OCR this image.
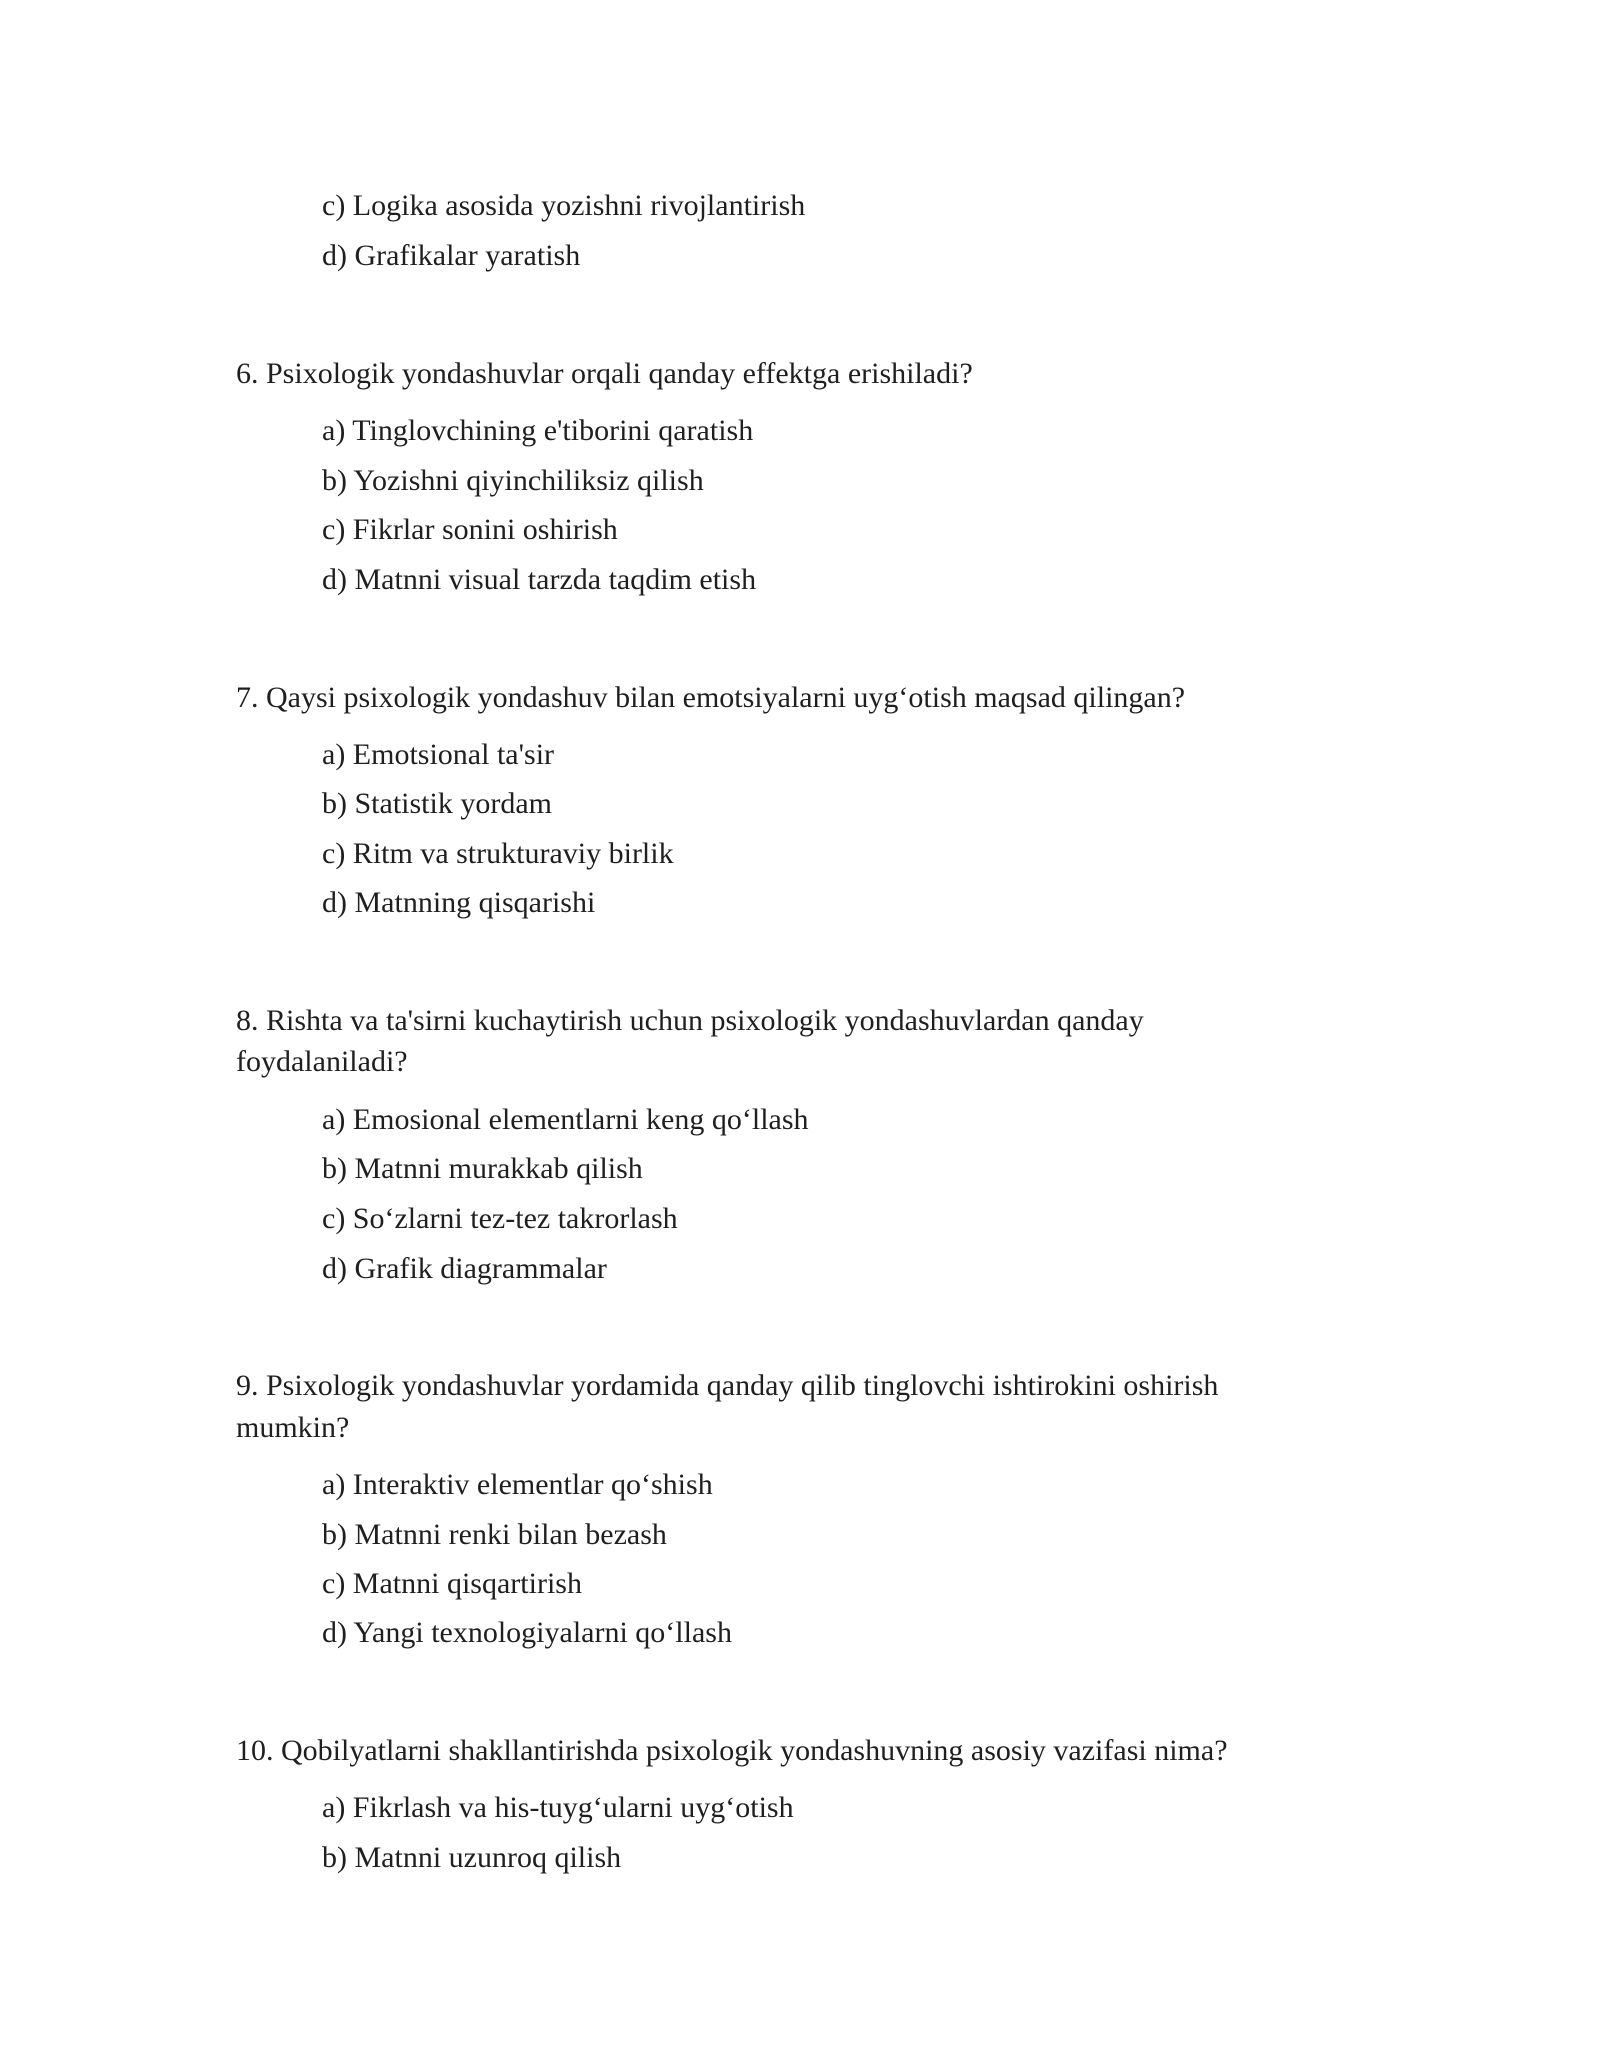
c) Logika asosida yozishni rivojlantirish
d) Grafikalar yaratish
6. Psixologik yondashuvlar orqali qanday effektga erishiladi?
a) Tinglovchining e'tiborini qaratish
b) Yozishni qiyinchiliksiz qilish
c) Fikrlar sonini oshirish
d) Matnni visual tarzda taqdim etish
7. Qaysi psixologik yondashuv bilan emotsiyalarni uyg‘otish maqsad qilingan?
a) Emotsional ta'sir
b) Statistik yordam
c) Ritm va strukturaviy birlik
d) Matnning qisqarishi
8. Rishta va ta'sirni kuchaytirish uchun psixologik yondashuvlardan qanday
foydalaniladi?
a) Emosional elementlarni keng qo‘llash
b) Matnni murakkab qilish
c) So‘zlarni tez-tez takrorlash
d) Grafik diagrammalar
9. Psixologik yondashuvlar yordamida qanday qilib tinglovchi ishtirokini oshirish
mumkin?
a) Interaktiv elementlar qo‘shish
b) Matnni renki bilan bezash
c) Matnni qisqartirish
d) Yangi texnologiyalarni qo‘llash
10. Qobilyatlarni shakllantirishda psixologik yondashuvning asosiy vazifasi nima?
a) Fikrlash va his-tuyg‘ularni uyg‘otish
b) Matnni uzunroq qilish
